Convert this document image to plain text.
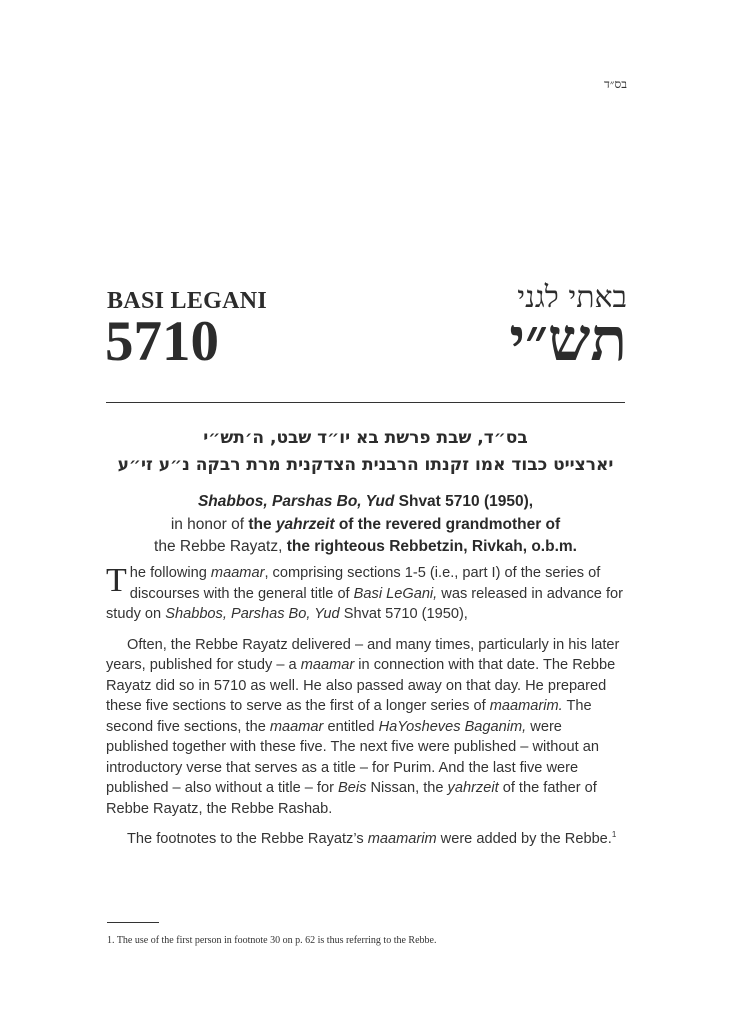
בס״ד
BASI LEGANI
5710
באתי לגני
תש״י
בס״ד, שבת פרשת בא יו״ד שבט, ה׳תש״י
יארצייט כבוד אמו זקנתו הרבנית הצדקנית מרת רבקה נ״ע זי״ע
Shabbos, Parshas Bo, Yud Shvat 5710 (1950),
in honor of the yahrzeit of the revered grandmother of
the Rebbe Rayatz, the righteous Rebbetzin, Rivkah, o.b.m.

The following maamar, comprising sections 1-5 (i.e., part I) of the series of discourses with the general title of Basi LeGani, was released in advance for study on Shabbos, Parshas Bo, Yud Shvat 5710 (1950),

Often, the Rebbe Rayatz delivered – and many times, particularly in his later years, published for study – a maamar in connection with that date. The Rebbe Rayatz did so in 5710 as well. He also passed away on that day. He prepared these five sections to serve as the first of a longer series of maamarim. The second five sections, the maamar entitled HaYosheves Baganim, were published together with these five. The next five were published – without an introductory verse that serves as a title – for Purim. And the last five were published – also without a title – for Beis Nissan, the yahrzeit of the father of Rebbe Rayatz, the Rebbe Rashab.

The footnotes to the Rebbe Rayatz’s maamarim were added by the Rebbe.$^1$

1. The use of the first person in footnote 30 on p. 62 is thus referring to the Rebbe.
